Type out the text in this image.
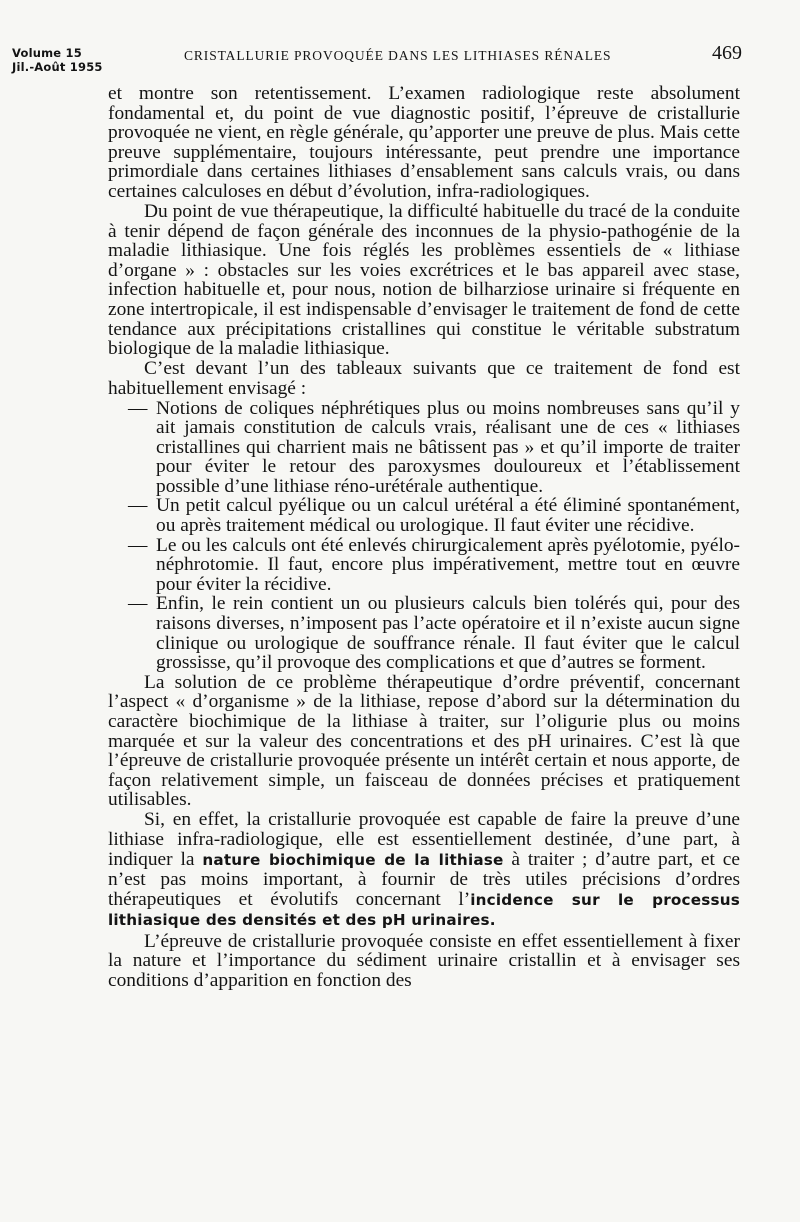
Volume 15
Jil.-Août 1955
CRISTALLURIE PROVOQUÉE DANS LES LITHIASES RÉNALES	469

et montre son retentissement. L’examen radiologique reste absolument fondamental et, du point de vue diagnostic positif, l’épreuve de cristallurie provoquée ne vient, en règle générale, qu’apporter une preuve de plus. Mais cette preuve supplémentaire, toujours intéressante, peut prendre une importance primordiale dans certaines lithiases d’ensablement sans calculs vrais, ou dans certaines calculoses en début d’évolution, infra-radiologiques.

Du point de vue thérapeutique, la difficulté habituelle du tracé de la conduite à tenir dépend de façon générale des inconnues de la physio-pathogénie de la maladie lithiasique. Une fois réglés les problèmes essentiels de « lithiase d’organe » : obstacles sur les voies excrétrices et le bas appareil avec stase, infection habituelle et, pour nous, notion de bilharziose urinaire si fréquente en zone intertropicale, il est indispensable d’envisager le traitement de fond de cette tendance aux précipitations cristallines qui constitue le véritable substratum biologique de la maladie lithiasique.

C’est devant l’un des tableaux suivants que ce traitement de fond est habituellement envisagé :

— Notions de coliques néphrétiques plus ou moins nombreuses sans qu’il y ait jamais constitution de calculs vrais, réalisant une de ces « lithiases cristallines qui charrient mais ne bâtissent pas » et qu’il importe de traiter pour éviter le retour des paroxysmes douloureux et l’établissement possible d’une lithiase réno-urétérale authentique.
— Un petit calcul pyélique ou un calcul urétéral a été éliminé spontanément, ou après traitement médical ou urologique. Il faut éviter une récidive.
— Le ou les calculs ont été enlevés chirurgicalement après pyélotomie, pyélo-néphrotomie. Il faut, encore plus impérativement, mettre tout en œuvre pour éviter la récidive.
— Enfin, le rein contient un ou plusieurs calculs bien tolérés qui, pour des raisons diverses, n’imposent pas l’acte opératoire et il n’existe aucun signe clinique ou urologique de souffrance rénale. Il faut éviter que le calcul grossisse, qu’il provoque des complications et que d’autres se forment.

La solution de ce problème thérapeutique d’ordre préventif, concernant l’aspect « d’organisme » de la lithiase, repose d’abord sur la détermination du caractère biochimique de la lithiase à traiter, sur l’oligurie plus ou moins marquée et sur la valeur des concentrations et des pH urinaires. C’est là que l’épreuve de cristallurie provoquée présente un intérêt certain et nous apporte, de façon relativement simple, un faisceau de données précises et pratiquement utilisables.

Si, en effet, la cristallurie provoquée est capable de faire la preuve d’une lithiase infra-radiologique, elle est essentiellement destinée, d’une part, à indiquer la nature biochimique de la lithiase à traiter ; d’autre part, et ce n’est pas moins important, à fournir de très utiles précisions d’ordres thérapeutiques et évolutifs concernant l’incidence sur le processus lithiasique des densités et des pH urinaires.

L’épreuve de cristallurie provoquée consiste en effet essentiellement à fixer la nature et l’importance du sédiment urinaire cristallin et à envisager ses conditions d’apparition en fonction des
